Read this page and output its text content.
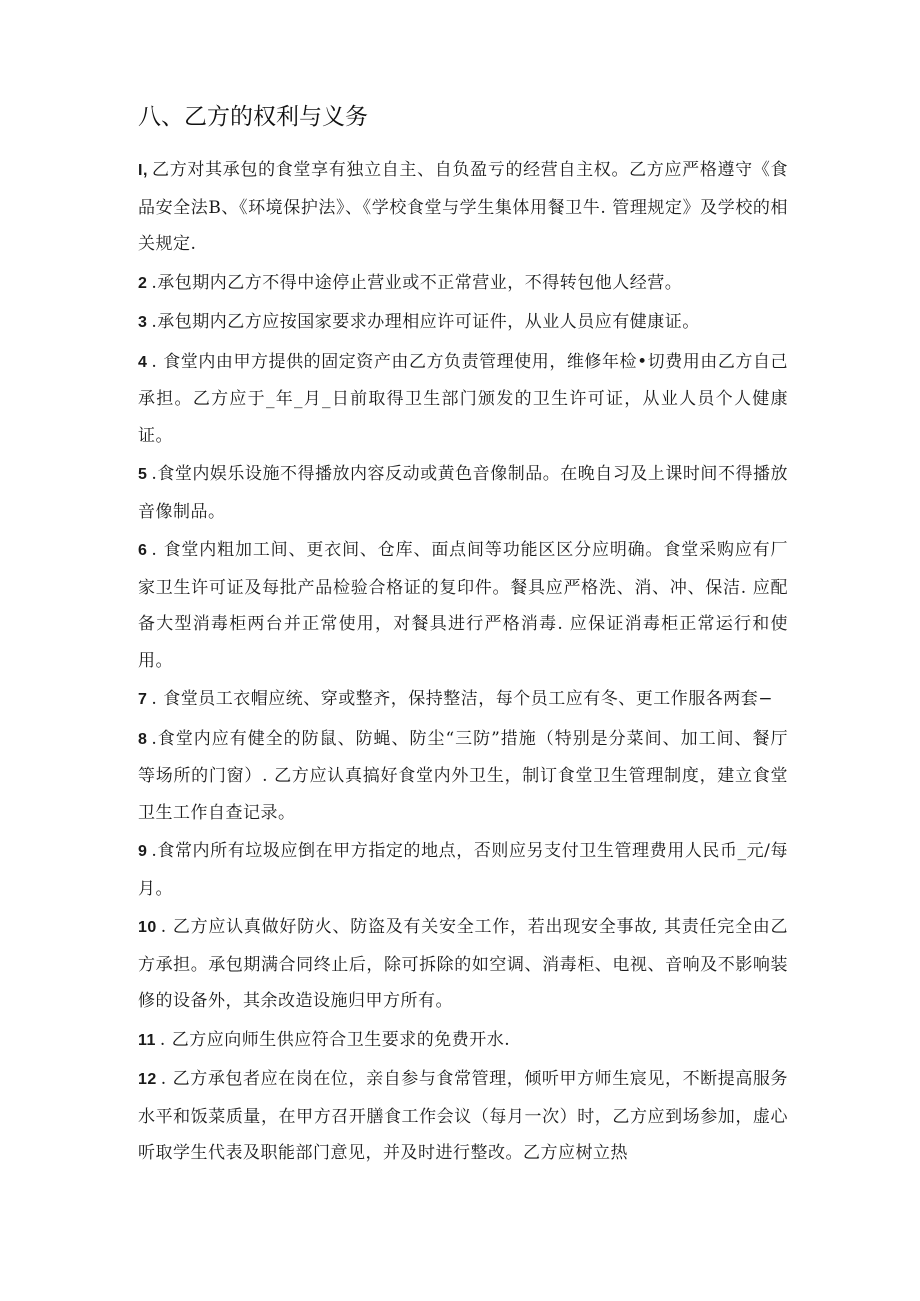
八、乙方的权利与义务

I, 乙方对其承包的食堂享有独立自主、自负盈亏的经营自主权。乙方应严格遵守《食品安全法B、《环境保护法》、《学校食堂与学生集体用餐卫牛. 管理规定》及学校的相关规定.

2 .承包期内乙方不得中途停止营业或不正常营业，不得转包他人经营。

3 .承包期内乙方应按国家要求办理相应许可证件，从业人员应有健康证。

4 . 食堂内由甲方提供的固定资产由乙方负责管理使用，维修年检•切费用由乙方自己承担。乙方应于_年_月_日前取得卫生部门颁发的卫生许可证，从业人员个人健康证。

5 .食堂内娱乐设施不得播放内容反动或黄色音像制品。在晚自习及上课时间不得播放音像制品。

6 . 食堂内粗加工间、更衣间、仓库、面点间等功能区区分应明确。食堂采购应有厂家卫生许可证及每批产品检验合格证的复印件。餐具应严格洗、消、冲、保洁. 应配备大型消毒柜两台并正常使用，对餐具进行严格消毒. 应保证消毒柜正常运行和使用。

7 . 食堂员工衣帽应统、穿或整齐，保持整洁，每个员工应有冬、更工作服各两套−

8 .食堂内应有健全的防鼠、防蝇、防尘“三防”措施（特别是分菜间、加工间、餐厅等场所的门窗）. 乙方应认真搞好食堂内外卫生，制订食堂卫生管理制度，建立食堂卫生工作自查记录。

9 .食常内所有垃圾应倒在甲方指定的地点，否则应另支付卫生管理费用人民币_元/每月。

10 . 乙方应认真做好防火、防盗及有关安全工作，若出现安全事故, 其责任完全由乙方承担。承包期满合同终止后，除可拆除的如空调、消毒柜、电视、音响及不影响装修的设备外，其余改造设施归甲方所有。

11 . 乙方应向师生供应符合卫生要求的免费开水.

12 . 乙方承包者应在岗在位，亲自参与食常管理，倾听甲方师生宸见，不断提高服务水平和饭菜质量，在甲方召开膳食工作会议（每月一次）时，乙方应到场参加，虚心听取学生代表及职能部门意见，并及时进行整改。乙方应树立热
